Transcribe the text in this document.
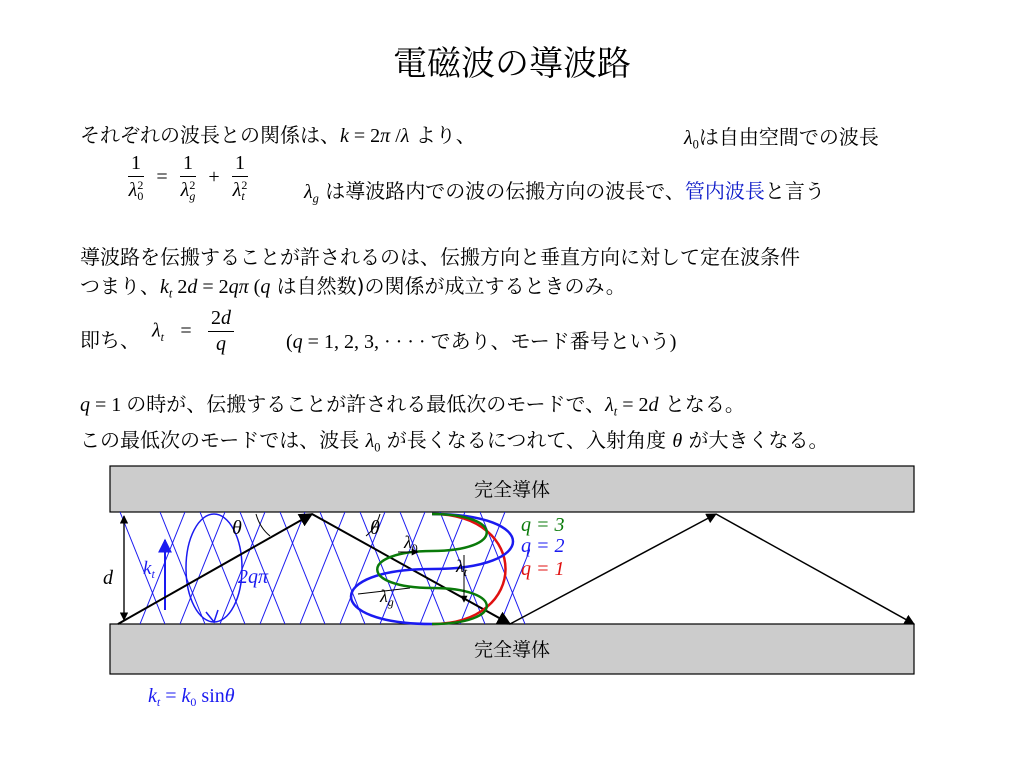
電磁波の導波路
それぞれの波長との関係は、k = 2π /λ より、	$\lambda_0$は自由空間での波長
1
λ 2
0 = 1
λ 2
g + 1
λ 2
t	$\lambda_g$ は導波路内での波の伝搬方向の波長で、管内波長と言う
導波路を伝搬することが許されるのは、伝搬方向と垂直方向に対して定在波条件
つまり、$k_t$ 2d = 2qπ (q は自然数)の関係が成立するときのみ。
即ち、 $\lambda_t = \frac{2d}{q}$	(q = 1, 2, 3, · · · · であり、モード番号という)
q = 1 の時が、伝搬することが許される最低次のモードで、$\lambda_t = 2d$ となる。
この最低次のモードでは、波長 $\lambda_0$ が長くなるにつれて、入射角度 θ が大きくなる。
完全導体
完全導体
d $k_t$	2qπ
θ	θ
$\lambda_0$
$\lambda_t$
$\lambda_g$
q = 3
q = 2
q = 1
$k_t = k_0$ sinθ
